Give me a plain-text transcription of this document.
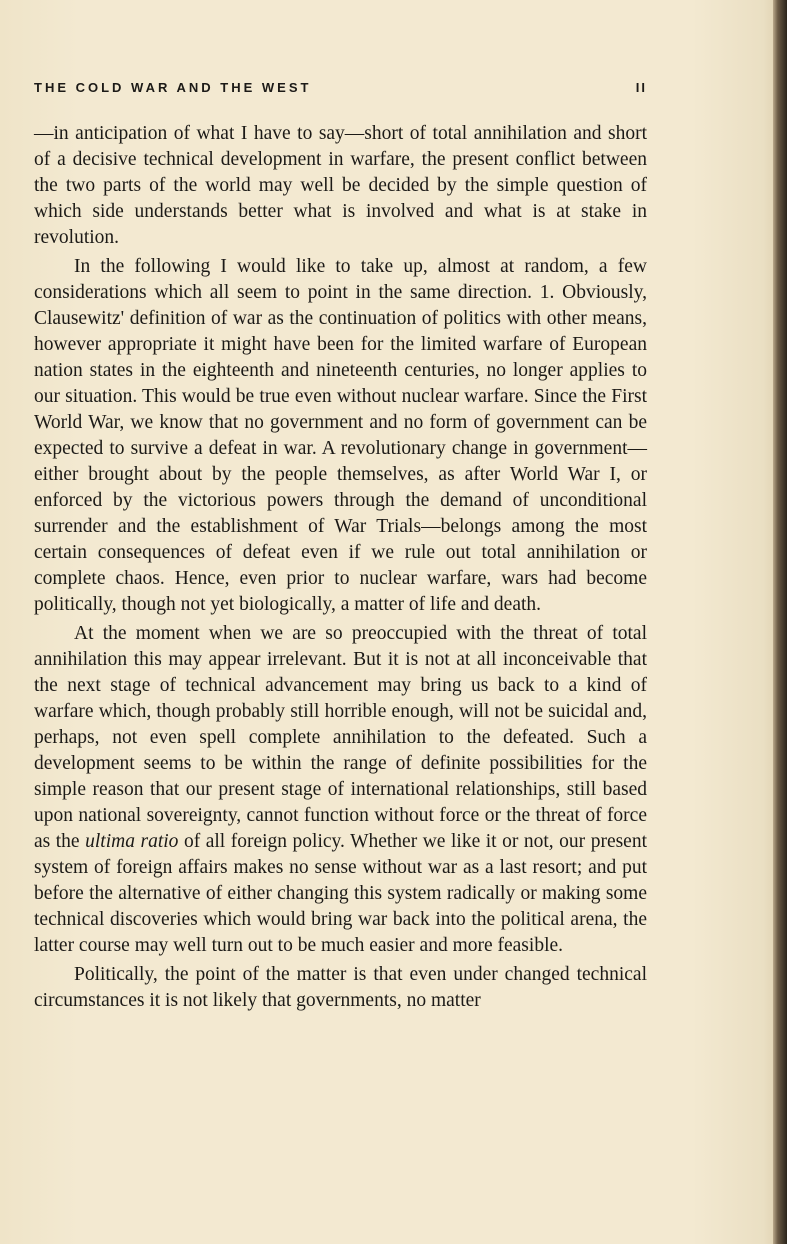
THE COLD WAR AND THE WEST	II

—in anticipation of what I have to say—short of total annihilation and short of a decisive technical development in warfare, the present conflict between the two parts of the world may well be decided by the simple question of which side understands better what is involved and what is at stake in revolution.

In the following I would like to take up, almost at random, a few considerations which all seem to point in the same direction. 1. Obviously, Clausewitz' definition of war as the continuation of politics with other means, however appropriate it might have been for the limited warfare of European nation states in the eighteenth and nineteenth centuries, no longer applies to our situation. This would be true even without nuclear warfare. Since the First World War, we know that no government and no form of government can be expected to survive a defeat in war. A revolutionary change in government—either brought about by the people themselves, as after World War I, or enforced by the victorious powers through the demand of unconditional surrender and the establishment of War Trials—belongs among the most certain consequences of defeat even if we rule out total annihilation or complete chaos. Hence, even prior to nuclear warfare, wars had become politically, though not yet biologically, a matter of life and death.

At the moment when we are so preoccupied with the threat of total annihilation this may appear irrelevant. But it is not at all inconceivable that the next stage of technical advancement may bring us back to a kind of warfare which, though probably still horrible enough, will not be suicidal and, perhaps, not even spell complete annihilation to the defeated. Such a development seems to be within the range of definite possibilities for the simple reason that our present stage of international relationships, still based upon national sovereignty, cannot function without force or the threat of force as the ultima ratio of all foreign policy. Whether we like it or not, our present system of foreign affairs makes no sense without war as a last resort; and put before the alternative of either changing this system radically or making some technical discoveries which would bring war back into the political arena, the latter course may well turn out to be much easier and more feasible.

Politically, the point of the matter is that even under changed technical circumstances it is not likely that governments, no matter
